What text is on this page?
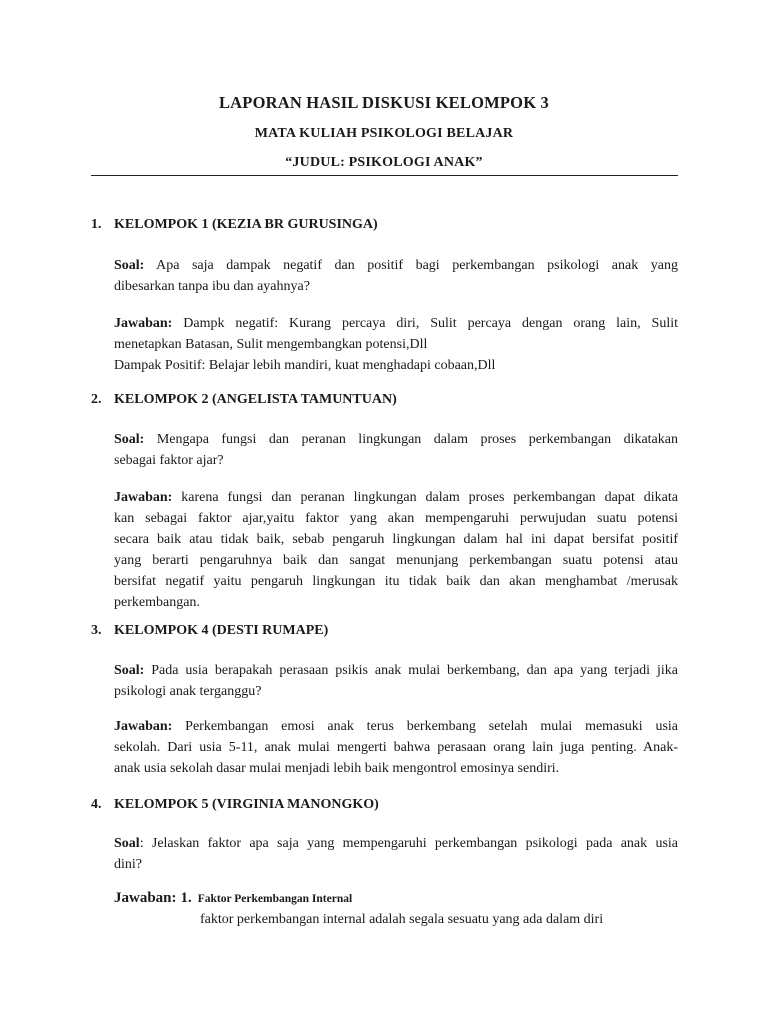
LAPORAN HASIL DISKUSI KELOMPOK 3
MATA KULIAH PSIKOLOGI BELAJAR
“JUDUL: PSIKOLOGI ANAK”
1. KELOMPOK 1 (KEZIA BR GURUSINGA)
Soal: Apa saja dampak negatif dan positif bagi perkembangan psikologi anak yang
dibesarkan tanpa ibu dan ayahnya?
Jawaban: Dampk negatif: Kurang percaya diri, Sulit percaya dengan orang lain, Sulit
menetapkan Batasan, Sulit mengembangkan potensi,Dll
Dampak Positif: Belajar lebih mandiri, kuat menghadapi cobaan,Dll
2. KELOMPOK 2 (ANGELISTA TAMUNTUAN)
Soal: Mengapa fungsi dan peranan lingkungan dalam proses perkembangan dikatakan
sebagai faktor ajar?
Jawaban: karena fungsi dan peranan lingkungan dalam proses perkembangan dapat dikata
kan sebagai faktor ajar,yaitu faktor yang akan mempengaruhi perwujudan suatu potensi
secara baik atau tidak baik, sebab pengaruh lingkungan dalam hal ini dapat bersifat positif
yang berarti pengaruhnya baik dan sangat menunjang perkembangan suatu potensi atau
bersifat negatif yaitu pengaruh lingkungan itu tidak baik dan akan menghambat /merusak
perkembangan.
3. KELOMPOK 4 (DESTI RUMAPE)
Soal: Pada usia berapakah perasaan psikis anak mulai berkembang, dan apa yang terjadi jika
psikologi anak terganggu?
Jawaban: Perkembangan emosi anak terus berkembang setelah mulai memasuki usia
sekolah. Dari usia 5-11, anak mulai mengerti bahwa perasaan orang lain juga penting. Anak-
anak usia sekolah dasar mulai menjadi lebih baik mengontrol emosinya sendiri.
4. KELOMPOK 5 (VIRGINIA MANONGKO)
Soal: Jelaskan faktor apa saja yang mempengaruhi perkembangan psikologi pada anak usia
dini?
Jawaban: 1. Faktor Perkembangan Internal
faktor perkembangan internal adalah segala sesuatu yang ada dalam diri
